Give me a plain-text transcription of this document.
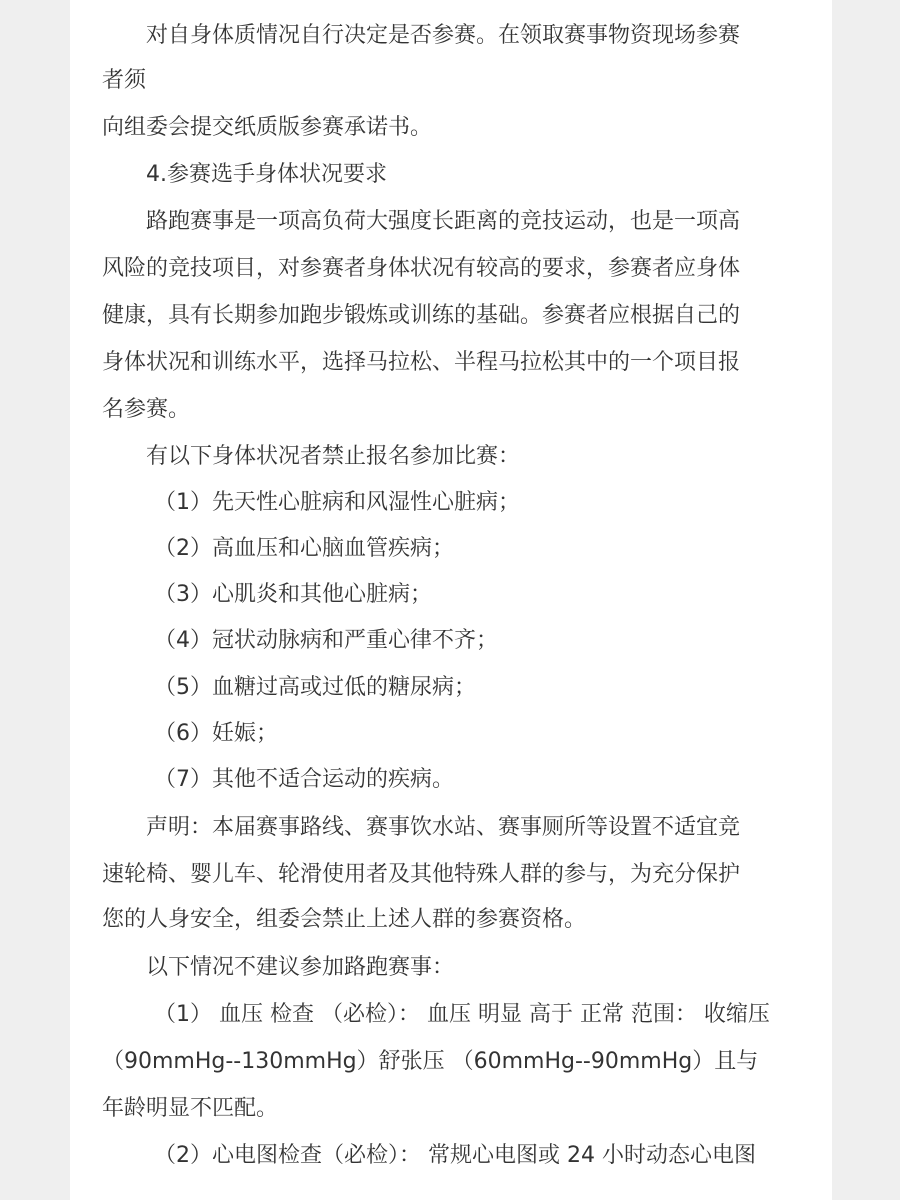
对自身体质情况自行决定是否参赛。在领取赛事物资现场参赛
者须
向组委会提交纸质版参赛承诺书。
4.参赛选手身体状况要求
路跑赛事是一项高负荷大强度长距离的竞技运动，也是一项高
风险的竞技项目，对参赛者身体状况有较高的要求，参赛者应身体
健康，具有长期参加跑步锻炼或训练的基础。参赛者应根据自己的
身体状况和训练水平，选择马拉松、半程马拉松其中的一个项目报
名参赛。
有以下身体状况者禁止报名参加比赛：
（1）先天性心脏病和风湿性心脏病；
（2）高血压和心脑血管疾病；
（3）心肌炎和其他心脏病；
（4）冠状动脉病和严重心律不齐；
（5）血糖过高或过低的糖尿病；
（6）妊娠；
（7）其他不适合运动的疾病。
声明：本届赛事路线、赛事饮水站、赛事厕所等设置不适宜竞
速轮椅、婴儿车、轮滑使用者及其他特殊人群的参与，为充分保护
您的人身安全，组委会禁止上述人群的参赛资格。
以下情况不建议参加路跑赛事：
（1） 血压 检查 （必检）： 血压 明显 高于 正常 范围： 收缩压
（90mmHg--130mmHg）舒张压 （60mmHg--90mmHg）且与
年龄明显不匹配。
（2）心电图检查（必检）： 常规心电图或 24 小时动态心电图
